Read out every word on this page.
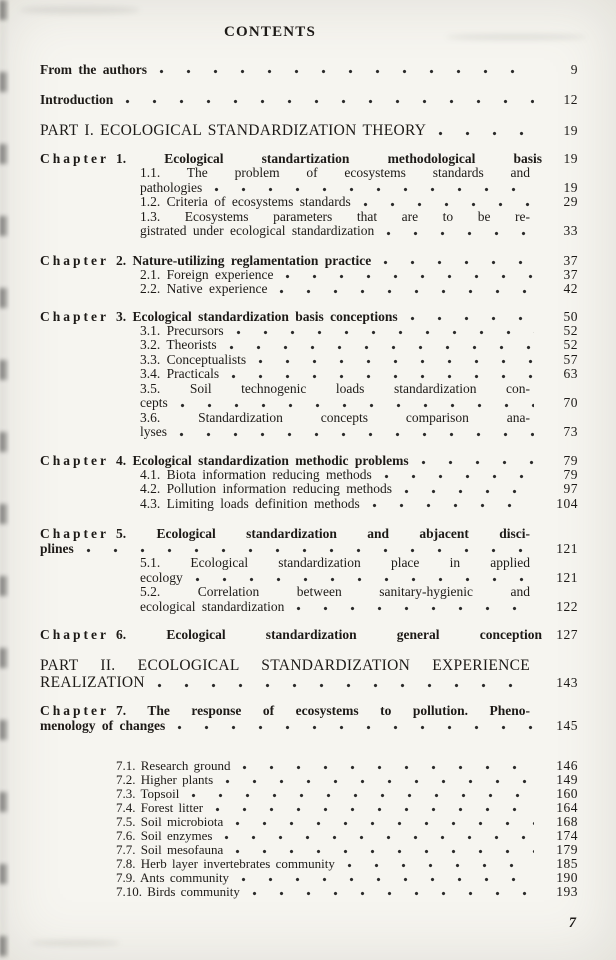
CONTENTS
From the authors	9
Introduction	12
PART I. ECOLOGICAL STANDARDIZATION THEORY	19
Chapter 1. Ecological standartization methodological basis	19
1.1. The problem of ecosystems standards and
pathologies	19
1.2. Criteria of ecosystems standards	29
1.3. Ecosystems parameters that are to be re-
gistrated under ecological standardization	33
Chapter 2. Nature-utilizing reglamentation practice	37
2.1. Foreign experience	37
2.2. Native experience	42
Chapter 3. Ecological standardization basis conceptions	50
3.1. Precursors	52
3.2. Theorists	52
3.3. Conceptualists	57
3.4. Practicals	63
3.5. Soil technogenic loads standardization con-
cepts	70
3.6. Standardization concepts comparison ana-
lyses	73
Chapter 4. Ecological standardization methodic problems	79
4.1. Biota information reducing methods	79
4.2. Pollution information reducing methods	97
4.3. Limiting loads definition methods	104
Chapter 5. Ecological standardization and abjacent disci-
plines	121
5.1. Ecological standardization place in applied
ecology	121
5.2. Correlation between sanitary-hygienic and
ecological standardization	122
Chapter 6. Ecological standardization general conception	127
PART II. ECOLOGICAL STANDARDIZATION EXPERIENCE
REALIZATION	143
Chapter 7. The response of ecosystems to pollution. Pheno-
menology of changes	145
7.1. Research ground	146
7.2. Higher plants	149
7.3. Topsoil	160
7.4. Forest litter	164
7.5. Soil microbiota	168
7.6. Soil enzymes	174
7.7. Soil mesofauna	179
7.8. Herb layer invertebrates community	185
7.9. Ants community	190
7.10. Birds community	193
7
